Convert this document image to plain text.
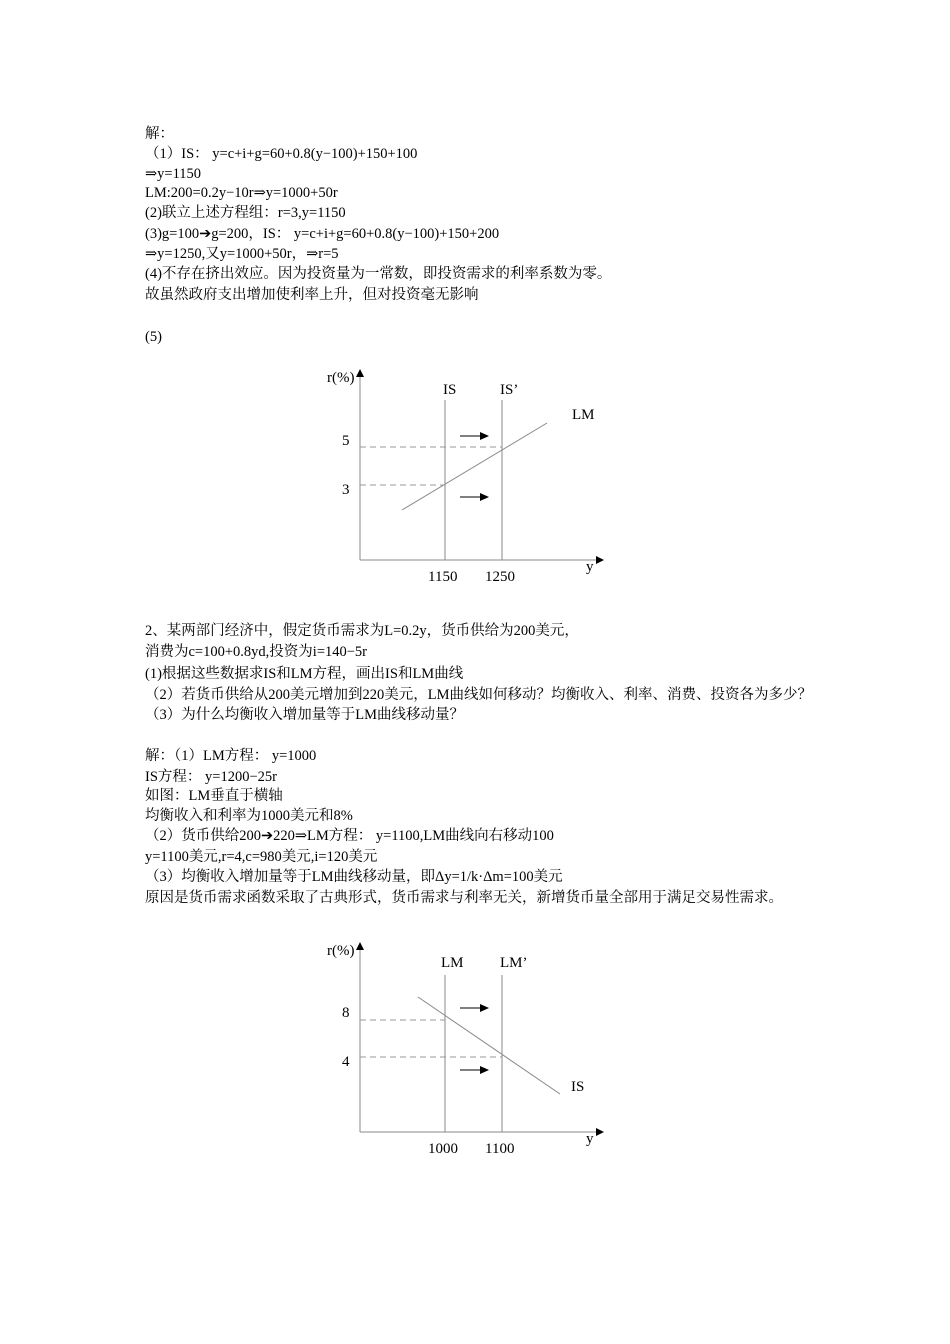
解：
（1）IS： y=c+i+g=60+0.8(y−100)+150+100
⇒y=1150
LM:200=0.2y−10r⇒y=1000+50r
(2)联立上述方程组：r=3,y=1150
(3)g=100➔g=200，IS： y=c+i+g=60+0.8(y−100)+150+200
⇒y=1250,又y=1000+50r，⇒r=5
(4)不存在挤出效应。因为投资量为一常数，即投资需求的利率系数为零。
故虽然政府支出增加使利率上升，但对投资毫无影响
(5)
r(%)
y
IS	IS’
LM
5
3
1150 1250
2、某两部门经济中，假定货币需求为L=0.2y，货币供给为200美元，
消费为c=100+0.8yd,投资为i=140−5r
(1)根据这些数据求IS和LM方程，画出IS和LM曲线
（2）若货币供给从200美元增加到220美元，LM曲线如何移动？均衡收入、利率、消费、投资各为多少？
（3）为什么均衡收入增加量等于LM曲线移动量？
解：（1）LM方程： y=1000
IS方程： y=1200−25r
如图：LM垂直于横轴
均衡收入和利率为1000美元和8%
（2）货币供给200➔220⇒LM方程： y=1100,LM曲线向右移动100
y=1100美元,r=4,c=980美元,i=120美元
（3）均衡收入增加量等于LM曲线移动量，即Δy=1/k·Δm=100美元
原因是货币需求函数采取了古典形式，货币需求与利率无关，新增货币量全部用于满足交易性需求。
r(%)
y
LM LM’
IS
8
4
1000 1100
